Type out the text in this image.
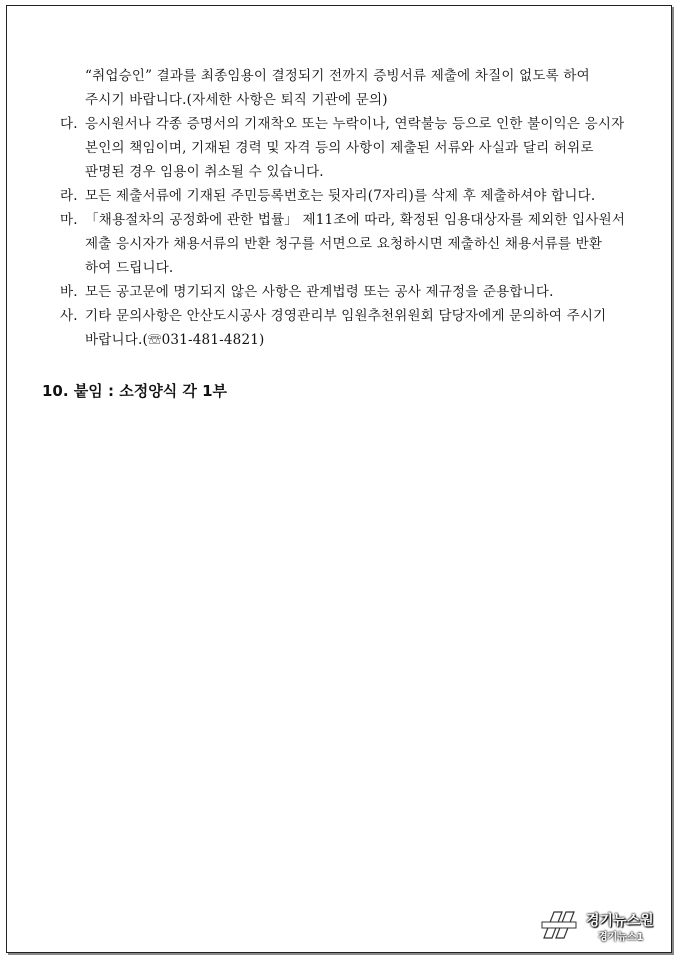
“취업승인” 결과를 최종임용이 결정되기 전까지 증빙서류 제출에 차질이 없도록 하여
주시기 바랍니다.(자세한 사항은 퇴직 기관에 문의)
다. 응시원서나 각종 증명서의 기재착오 또는 누락이나, 연락불능 등으로 인한 불이익은 응시자
본인의 책임이며, 기재된 경력 및 자격 등의 사항이 제출된 서류와 사실과 달리 허위로
판명된 경우 임용이 취소될 수 있습니다.
라. 모든 제출서류에 기재된 주민등록번호는 뒷자리(7자리)를 삭제 후 제출하셔야 합니다.
마. 「채용절차의 공정화에 관한 법률」 제11조에 따라, 확정된 임용대상자를 제외한 입사원서
제출 응시자가 채용서류의 반환 청구를 서면으로 요청하시면 제출하신 채용서류를 반환
하여 드립니다.
바. 모든 공고문에 명기되지 않은 사항은 관계법령 또는 공사 제규정을 준용합니다.
사. 기타 문의사항은 안산도시공사 경영관리부 임원추천위원회 담당자에게 문의하여 주시기
바랍니다.(☏031-481-4821)
10. 붙임 : 소정양식 각 1부
경기뉴스원
경기뉴스1
